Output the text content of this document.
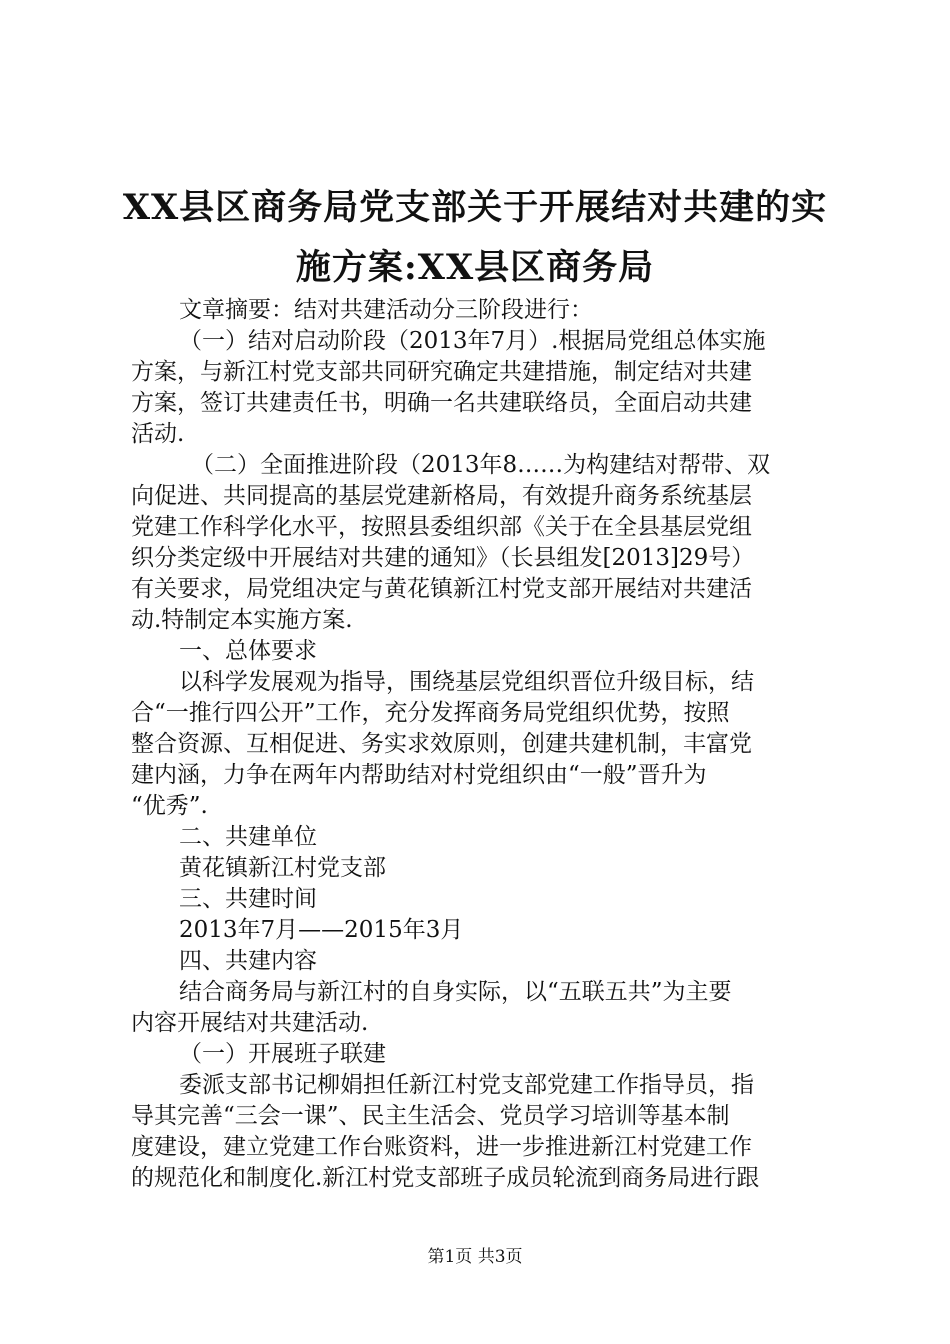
XX县区商务局党支部关于开展结对共建的实
施方案:XX县区商务局
文章摘要：结对共建活动分三阶段进行：
（一）结对启动阶段（2013年7月）.根据局党组总体实施
方案，与新江村党支部共同研究确定共建措施，制定结对共建
方案，签订共建责任书，明确一名共建联络员，全面启动共建
活动.
（二）全面推进阶段（2013年8……为构建结对帮带、双
向促进、共同提高的基层党建新格局，有效提升商务系统基层
党建工作科学化水平，按照县委组织部《关于在全县基层党组
织分类定级中开展结对共建的通知》（长县组发[2013]29号）
有关要求，局党组决定与黄花镇新江村党支部开展结对共建活
动.特制定本实施方案.
一、总体要求
以科学发展观为指导，围绕基层党组织晋位升级目标，结
合“一推行四公开”工作，充分发挥商务局党组织优势，按照
整合资源、互相促进、务实求效原则，创建共建机制，丰富党
建内涵，力争在两年内帮助结对村党组织由“一般”晋升为
“优秀”.
二、共建单位
黄花镇新江村党支部
三、共建时间
2013年7月——2015年3月
四、共建内容
结合商务局与新江村的自身实际，以“五联五共”为主要
内容开展结对共建活动.
（一）开展班子联建
委派支部书记柳娟担任新江村党支部党建工作指导员，指
导其完善“三会一课”、民主生活会、党员学习培训等基本制
度建设，建立党建工作台账资料，进一步推进新江村党建工作
的规范化和制度化.新江村党支部班子成员轮流到商务局进行跟
第1页 共3页
